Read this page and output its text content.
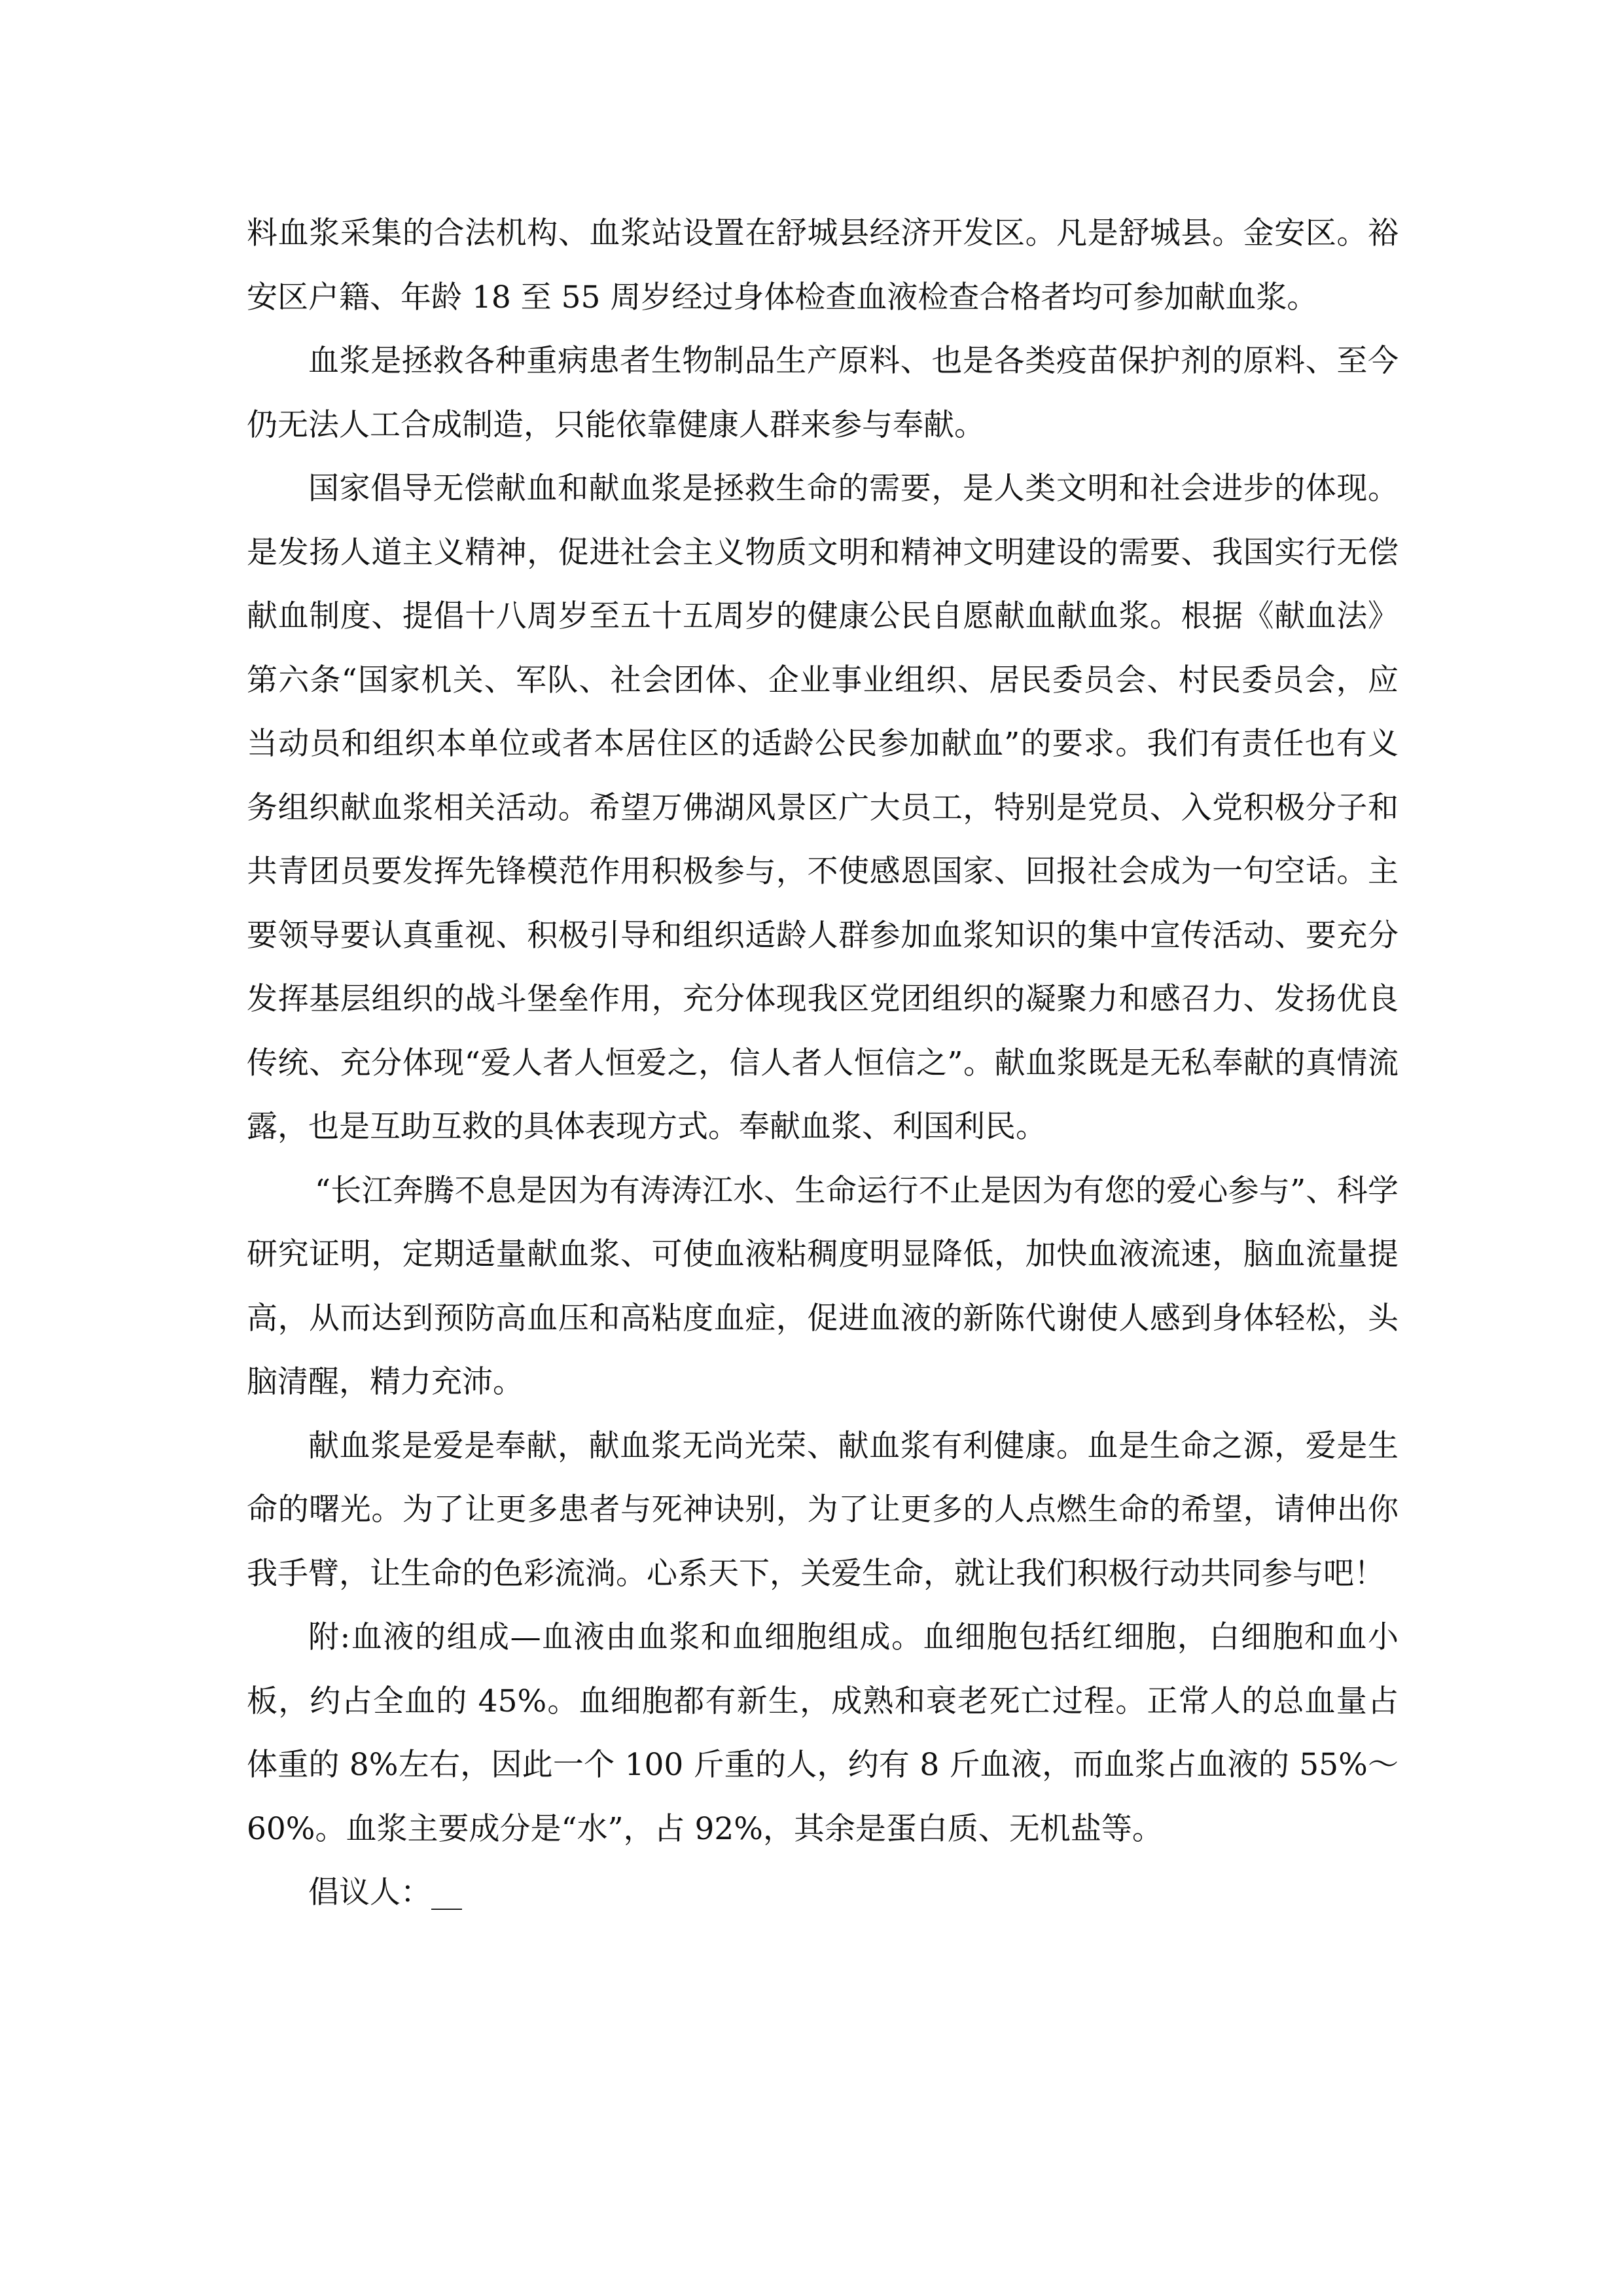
料血浆采集的合法机构、血浆站设置在舒城县经济开发区。凡是舒城县。金安区。裕安区户籍、年龄 18 至 55 周岁经过身体检查血液检查合格者均可参加献血浆。

血浆是拯救各种重病患者生物制品生产原料、也是各类疫苗保护剂的原料、至今仍无法人工合成制造，只能依靠健康人群来参与奉献。

国家倡导无偿献血和献血浆是拯救生命的需要，是人类文明和社会进步的体现。是发扬人道主义精神，促进社会主义物质文明和精神文明建设的需要、我国实行无偿献血制度、提倡十八周岁至五十五周岁的健康公民自愿献血献血浆。根据《献血法》第六条“国家机关、军队、社会团体、企业事业组织、居民委员会、村民委员会，应当动员和组织本单位或者本居住区的适龄公民参加献血”的要求。我们有责任也有义务组织献血浆相关活动。希望万佛湖风景区广大员工，特别是党员、入党积极分子和共青团员要发挥先锋模范作用积极参与，不使感恩国家、回报社会成为一句空话。主要领导要认真重视、积极引导和组织适龄人群参加血浆知识的集中宣传活动、要充分发挥基层组织的战斗堡垒作用，充分体现我区党团组织的凝聚力和感召力、发扬优良传统、充分体现“爱人者人恒爱之，信人者人恒信之”。献血浆既是无私奉献的真情流露，也是互助互救的具体表现方式。奉献血浆、利国利民。

“长江奔腾不息是因为有涛涛江水、生命运行不止是因为有您的爱心参与”、科学研究证明，定期适量献血浆、可使血液粘稠度明显降低，加快血液流速，脑血流量提高，从而达到预防高血压和高粘度血症，促进血液的新陈代谢使人感到身体轻松，头脑清醒，精力充沛。

献血浆是爱是奉献，献血浆无尚光荣、献血浆有利健康。血是生命之源，爱是生命的曙光。为了让更多患者与死神诀别，为了让更多的人点燃生命的希望，请伸出你我手臂，让生命的色彩流淌。心系天下，关爱生命，就让我们积极行动共同参与吧！

附:血液的组成—血液由血浆和血细胞组成。血细胞包括红细胞，白细胞和血小板，约占全血的 45%。血细胞都有新生，成熟和衰老死亡过程。正常人的总血量占体重的 8%左右，因此一个 100 斤重的人，约有 8 斤血液，而血浆占血液的 55%～60%。血浆主要成分是“水”，占 92%，其余是蛋白质、无机盐等。

倡议人：__
